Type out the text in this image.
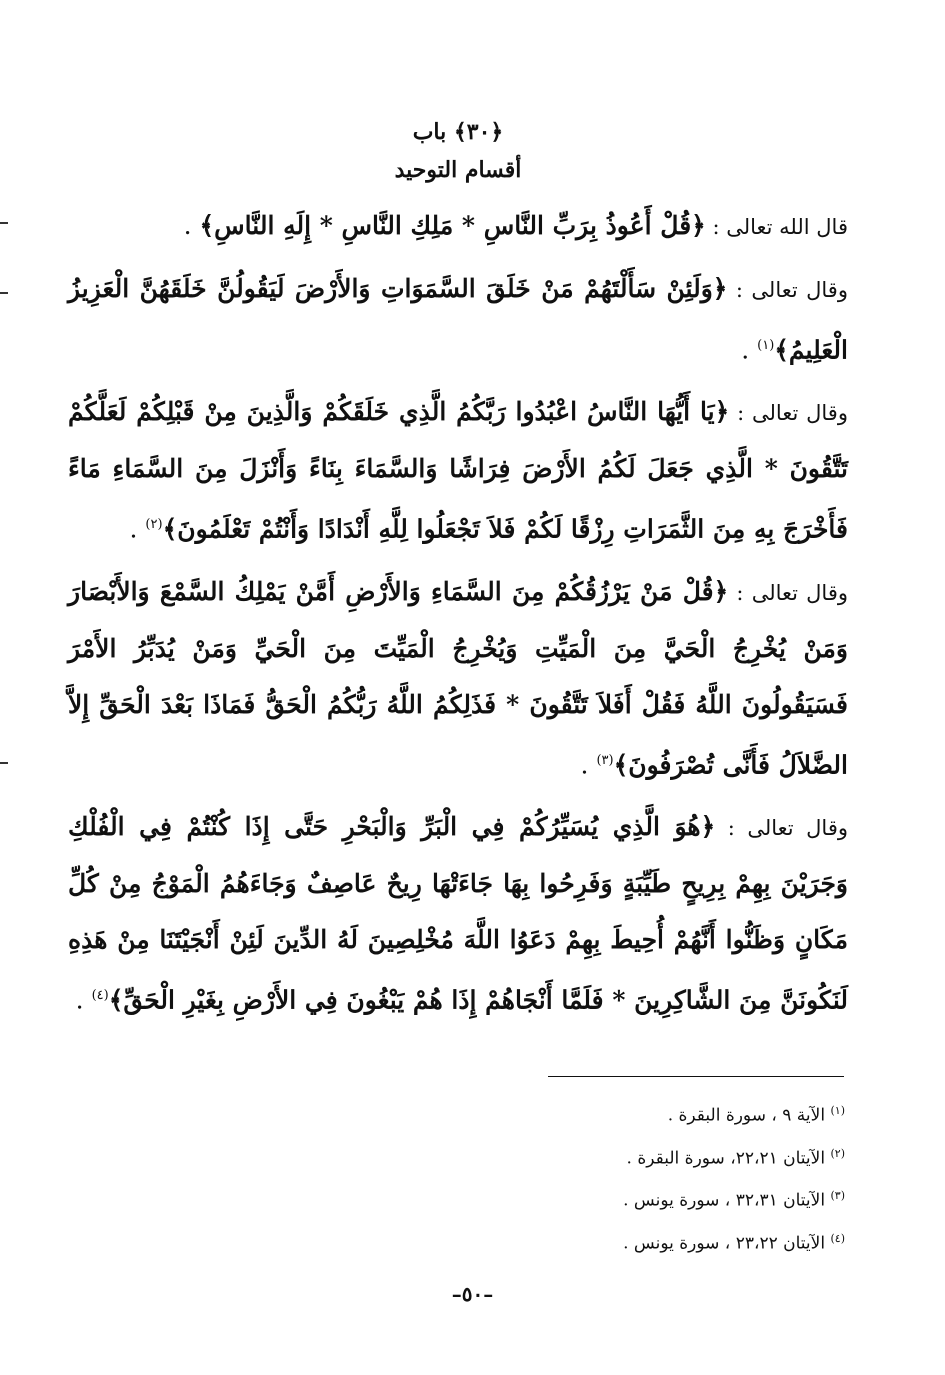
﴿٣٠﴾ باب
أقسام التوحيد

قال الله تعالى : ﴿قُلْ أَعُوذُ بِرَبِّ النَّاسِ * مَلِكِ النَّاسِ * إِلَهِ النَّاسِ﴾ .

وقال تعالى : ﴿وَلَئِنْ سَأَلْتَهُمْ مَنْ خَلَقَ السَّمَوَاتِ وَالأَرْضَ لَيَقُولُنَّ خَلَقَهُنَّ الْعَزِيزُ الْعَلِيمُ﴾$^{(١)}$ .

وقال تعالى : ﴿يَا أَيُّهَا النَّاسُ اعْبُدُوا رَبَّكُمُ الَّذِي خَلَقَكُمْ وَالَّذِينَ مِنْ قَبْلِكُمْ لَعَلَّكُمْ تَتَّقُونَ * الَّذِي جَعَلَ لَكُمُ الأَرْضَ فِرَاشًا وَالسَّمَاءَ بِنَاءً وَأَنْزَلَ مِنَ السَّمَاءِ مَاءً فَأَخْرَجَ بِهِ مِنَ الثَّمَرَاتِ رِزْقًا لَكُمْ فَلاَ تَجْعَلُوا لِلَّهِ أَنْدَادًا وَأَنْتُمْ تَعْلَمُونَ﴾$^{(٢)}$ .

وقال تعالى : ﴿قُلْ مَنْ يَرْزُقُكُمْ مِنَ السَّمَاءِ وَالأَرْضِ أَمَّنْ يَمْلِكُ السَّمْعَ وَالأَبْصَارَ وَمَنْ يُخْرِجُ الْحَيَّ مِنَ الْمَيِّتِ وَيُخْرِجُ الْمَيِّتَ مِنَ الْحَيِّ وَمَنْ يُدَبِّرُ الأَمْرَ فَسَيَقُولُونَ اللَّهُ فَقُلْ أَفَلاَ تَتَّقُونَ * فَذَلِكُمُ اللَّهُ رَبُّكُمُ الْحَقُّ فَمَاذَا بَعْدَ الْحَقِّ إِلاَّ الضَّلاَلُ فَأَنَّى تُصْرَفُونَ﴾$^{(٣)}$ .

وقال تعالى : ﴿هُوَ الَّذِي يُسَيِّرُكُمْ فِي الْبَرِّ وَالْبَحْرِ حَتَّى إِذَا كُنْتُمْ فِي الْفُلْكِ وَجَرَيْنَ بِهِمْ بِرِيحٍ طَيِّبَةٍ وَفَرِحُوا بِهَا جَاءَتْهَا رِيحٌ عَاصِفٌ وَجَاءَهُمُ الْمَوْجُ مِنْ كُلِّ مَكَانٍ وَظَنُّوا أَنَّهُمْ أُحِيطَ بِهِمْ دَعَوُا اللَّهَ مُخْلِصِينَ لَهُ الدِّينَ لَئِنْ أَنْجَيْتَنَا مِنْ هَذِهِ لَنَكُونَنَّ مِنَ الشَّاكِرِينَ * فَلَمَّا أَنْجَاهُمْ إِذَا هُمْ يَبْغُونَ فِي الأَرْضِ بِغَيْرِ الْحَقِّ﴾$^{(٤)}$ .

$^{(١)}$ الآية ٩ ، سورة البقرة .
$^{(٢)}$ الآيتان ٢٢،٢١، سورة البقرة .
$^{(٣)}$ الآيتان ٣٢،٣١ ، سورة يونس .
$^{(٤)}$ الآيتان ٢٣،٢٢ ، سورة يونس .
–٥٠–
